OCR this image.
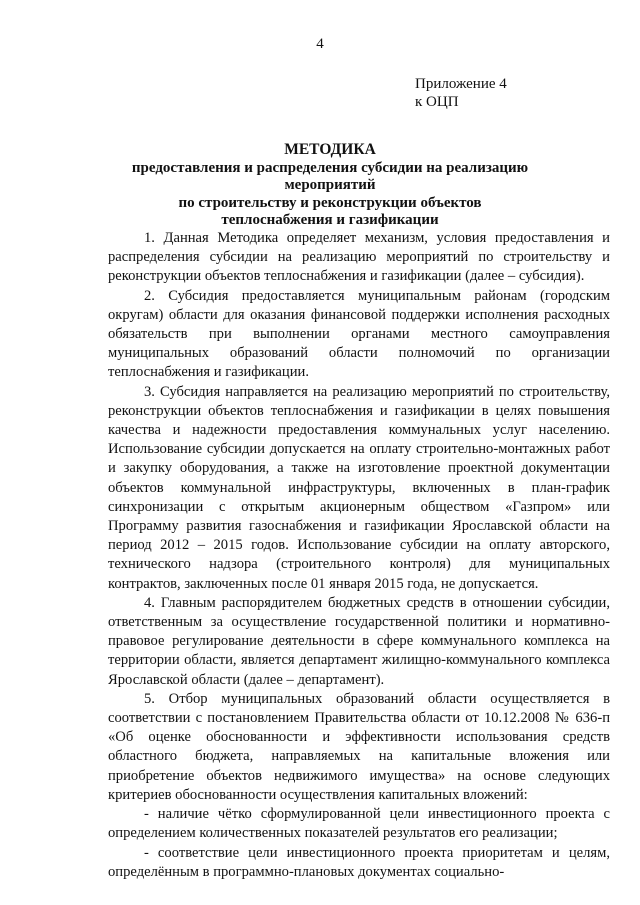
4
Приложение 4
к ОЦП
МЕТОДИКА
предоставления и распределения субсидии на реализацию мероприятий
по строительству и реконструкции объектов
теплоснабжения и газификации

1. Данная Методика определяет механизм, условия предоставления и распределения субсидии на реализацию мероприятий по строительству и реконструкции объектов теплоснабжения и газификации (далее – субсидия).

2. Субсидия предоставляется муниципальным районам (городским округам) области для оказания финансовой поддержки исполнения расходных обязательств при выполнении органами местного самоуправления муниципальных образований области полномочий по организации теплоснабжения и газификации.

3. Субсидия направляется на реализацию мероприятий по строительству, реконструкции объектов теплоснабжения и газификации в целях повышения качества и надежности предоставления коммунальных услуг населению. Использование субсидии допускается на оплату строительно-монтажных работ и закупку оборудования, а также на изготовление проектной документации объектов коммунальной инфраструктуры, включенных в план-график синхронизации с открытым акционерным обществом «Газпром» или Программу развития газоснабжения и газификации Ярославской области на период 2012 – 2015 годов. Использование субсидии на оплату авторского, технического надзора (строительного контроля) для муниципальных контрактов, заключенных после 01 января 2015 года, не допускается.

4. Главным распорядителем бюджетных средств в отношении субсидии, ответственным за осуществление государственной политики и нормативно-правовое регулирование деятельности в сфере коммунального комплекса на территории области, является департамент жилищно-коммунального комплекса Ярославской области (далее – департамент).

5. Отбор муниципальных образований области осуществляется в соответствии с постановлением Правительства области от 10.12.2008 № 636-п «Об оценке обоснованности и эффективности использования средств областного бюджета, направляемых на капитальные вложения или приобретение объектов недвижимого имущества» на основе следующих критериев обоснованности осуществления капитальных вложений:

- наличие чётко сформулированной цели инвестиционного проекта с определением количественных показателей результатов его реализации;

- соответствие цели инвестиционного проекта приоритетам и целям, определённым в программно-плановых документах социально-
